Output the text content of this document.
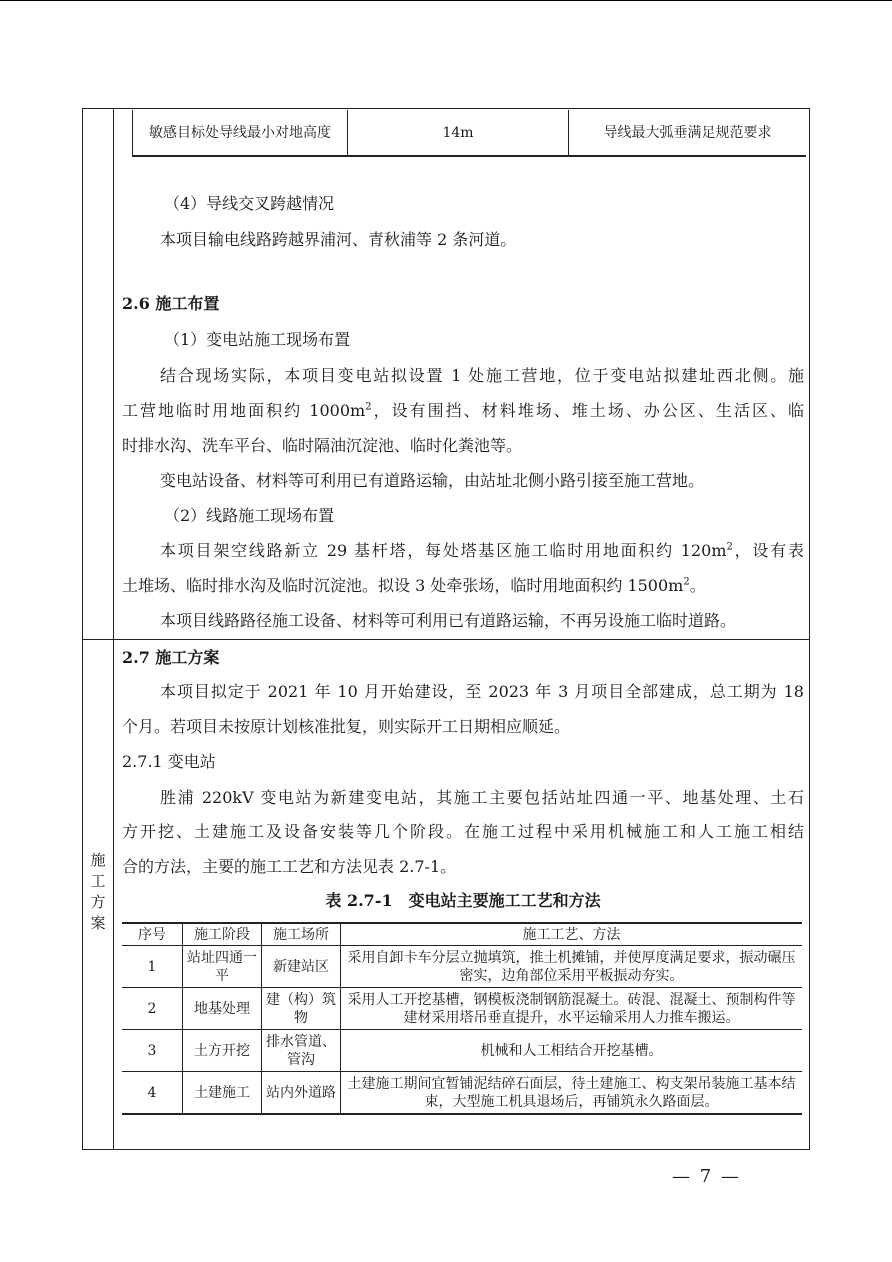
施
工
方
案
敏感目标处导线最小对地高度	14m	导线最大弧垂满足规范要求
（4）导线交叉跨越情况
本项目输电线路跨越界浦河、青秋浦等 2 条河道。
2.6 施工布置
（1）变电站施工现场布置
结合现场实际，本项目变电站拟设置 1 处施工营地，位于变电站拟建址西北侧。施
工营地临时用地面积约 $1000m^2$，设有围挡、材料堆场、堆土场、办公区、生活区、临
时排水沟、洗车平台、临时隔油沉淀池、临时化粪池等。
变电站设备、材料等可利用已有道路运输，由站址北侧小路引接至施工营地。
（2）线路施工现场布置
本项目架空线路新立 29 基杆塔，每处塔基区施工临时用地面积约 $120m^2$，设有表
土堆场、临时排水沟及临时沉淀池。拟设 3 处牵张场，临时用地面积约 $1500m^2$。
本项目线路路径施工设备、材料等可利用已有道路运输，不再另设施工临时道路。
2.7 施工方案
本项目拟定于 2021 年 10 月开始建设，至 2023 年 3 月项目全部建成，总工期为 18
个月。若项目未按原计划核准批复，则实际开工日期相应顺延。
2.7.1 变电站
胜浦 220kV 变电站为新建变电站，其施工主要包括站址四通一平、地基处理、土石
方开挖、土建施工及设备安装等几个阶段。在施工过程中采用机械施工和人工施工相结
合的方法，主要的施工工艺和方法见表 2.7-1。
表 2.7-1　变电站主要施工工艺和方法
序号	施工阶段	施工场所	施工工艺、方法
1	站址四通一平	新建站区	采用自卸卡车分层立抛填筑，推土机摊铺，并使厚度满足要求，振动碾压密实，边角部位采用平板振动夯实。
2	地基处理	建（构）筑物	采用人工开挖基槽，钢模板浇制钢筋混凝土。砖混、混凝土、预制构件等建材采用塔吊垂直提升，水平运输采用人力推车搬运。
3	土方开挖	排水管道、管沟	机械和人工相结合开挖基槽。
4	土建施工	站内外道路	土建施工期间宜暂铺泥结碎石面层，待土建施工、构支架吊装施工基本结束，大型施工机具退场后，再铺筑永久路面层。
— 7 —
